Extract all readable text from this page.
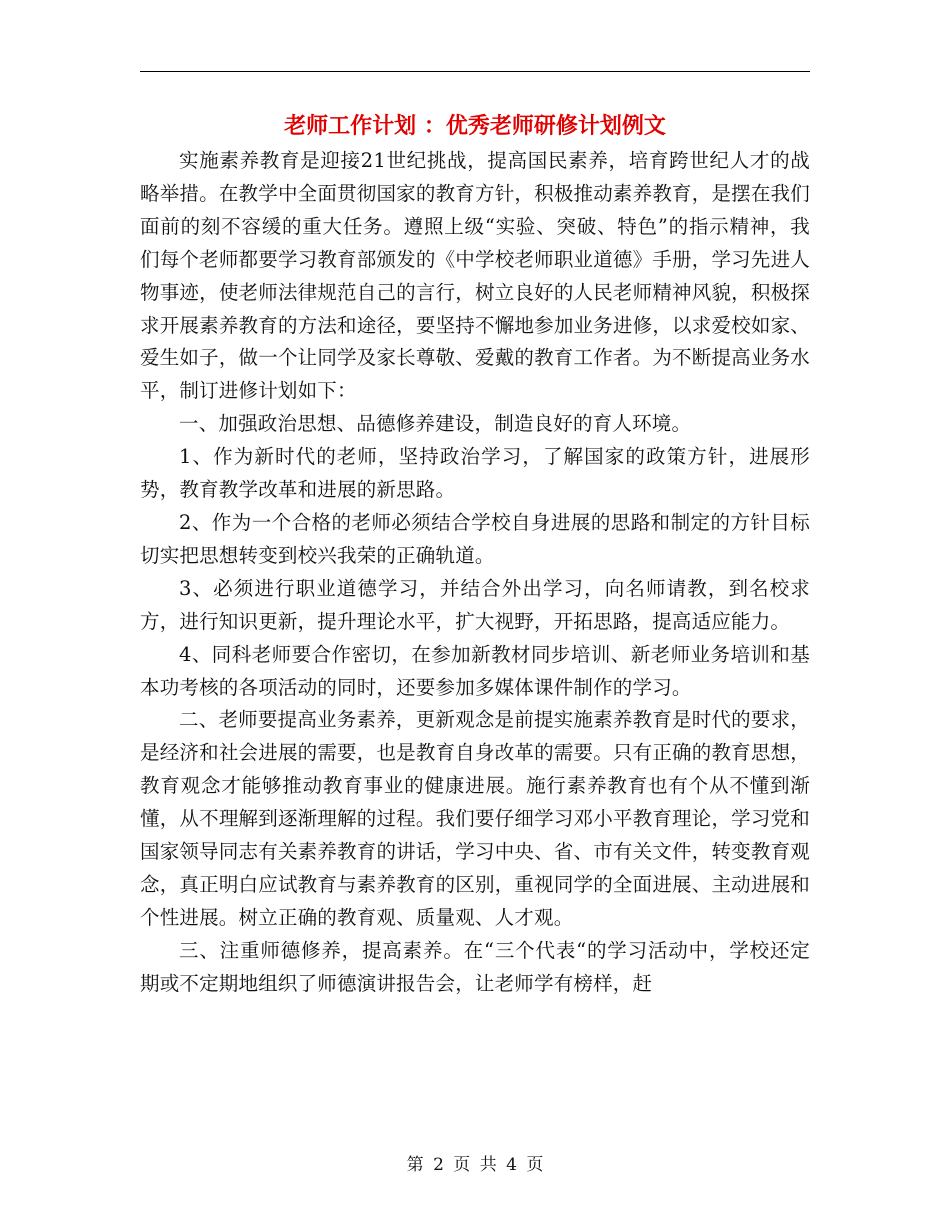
老师工作计划 ：优秀老师研修计划例文

实施素养教育是迎接21世纪挑战，提高国民素养，培育跨世纪人才的战略举措。在教学中全面贯彻国家的教育方针，积极推动素养教育，是摆在我们面前的刻不容缓的重大任务。遵照上级“实验、突破、特色”的指示精神，我们每个老师都要学习教育部颁发的《中学校老师职业道德》手册，学习先进人物事迹，使老师法律规范自己的言行，树立良好的人民老师精神风貌，积极探求开展素养教育的方法和途径，要坚持不懈地参加业务进修，以求爱校如家、爱生如子，做一个让同学及家长尊敬、爱戴的教育工作者。为不断提高业务水平，制订进修计划如下：

一、加强政治思想、品德修养建设，制造良好的育人环境。

1、作为新时代的老师，坚持政治学习，了解国家的政策方针，进展形势，教育教学改革和进展的新思路。

2、作为一个合格的老师必须结合学校自身进展的思路和制定的方针目标切实把思想转变到校兴我荣的正确轨道。

3、必须进行职业道德学习，并结合外出学习，向名师请教，到名校求方，进行知识更新，提升理论水平，扩大视野，开拓思路，提高适应能力。

4、同科老师要合作密切，在参加新教材同步培训、新老师业务培训和基本功考核的各项活动的同时，还要参加多媒体课件制作的学习。

二、老师要提高业务素养，更新观念是前提实施素养教育是时代的要求，是经济和社会进展的需要，也是教育自身改革的需要。只有正确的教育思想，教育观念才能够推动教育事业的健康进展。施行素养教育也有个从不懂到渐懂，从不理解到逐渐理解的过程。我们要仔细学习邓小平教育理论，学习党和国家领导同志有关素养教育的讲话，学习中央、省、市有关文件，转变教育观念，真正明白应试教育与素养教育的区别，重视同学的全面进展、主动进展和个性进展。树立正确的教育观、质量观、人才观。

三、注重师德修养，提高素养。在“三个代表“的学习活动中，学校还定期或不定期地组织了师德演讲报告会，让老师学有榜样，赶

第 2 页 共 4 页
